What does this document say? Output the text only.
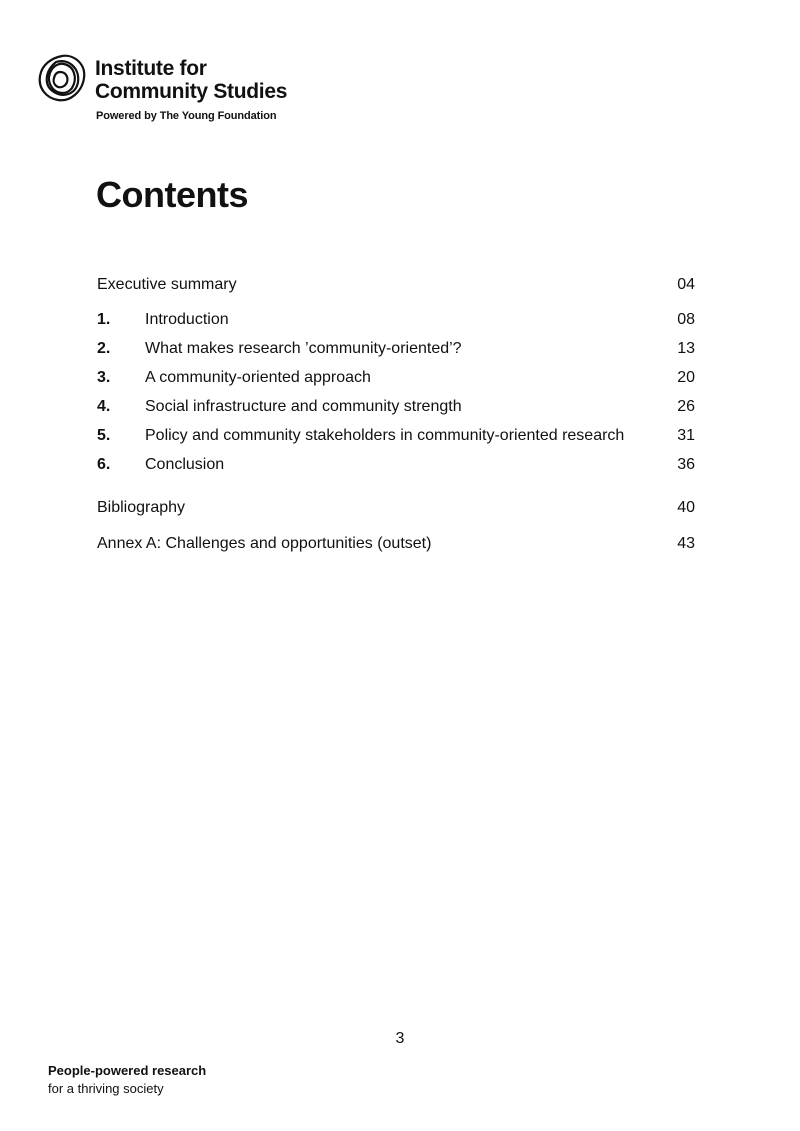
Institute for
Community Studies
Powered by The Young Foundation
Contents
Executive summary	04
1. Introduction	08
2. What makes research ’community-oriented’?	13
3. A community-oriented approach	20
4. Social infrastructure and community strength	26
5. Policy and community stakeholders in community-oriented research	31
6. Conclusion	36
Bibliography	40
Annex A: Challenges and opportunities (outset)	43
3
People-powered research
for a thriving society
